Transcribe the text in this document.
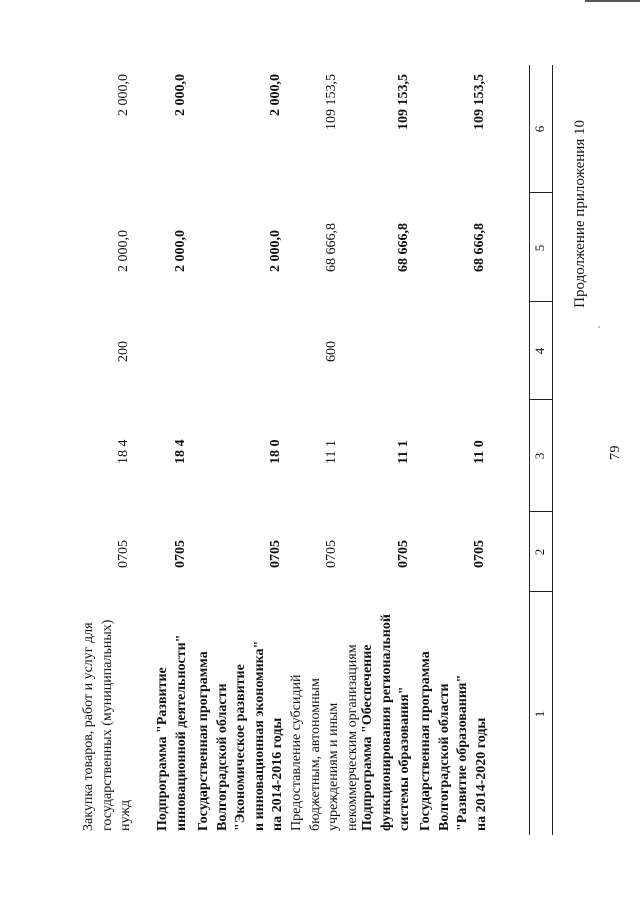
79
Продолжение приложения 10
1
2
3
4
5
6
Государственная программа Волгоградской области "Развитие образования" на 2014-2020 годы
0705
11 0
68 666,8
109 153,5
Подпрограмма "Обеспечение функционирования региональной системы образования"
0705
11 1
68 666,8
109 153,5
Предоставление субсидий бюджетным, автономным учреждениям и иным некоммерческим организациям
0705
11 1
600
68 666,8
109 153,5
Государственная программа Волгоградской области "Экономическое развитие и инновационная экономика" на 2014-2016 годы
0705
18 0
2 000,0
2 000,0
Подпрограмма "Развитие инновационной деятельности"
0705
18 4
2 000,0
2 000,0
Закупка товаров, работ и услуг для государственных (муниципальных) нужд
0705
18 4
200
2 000,0
2 000,0
